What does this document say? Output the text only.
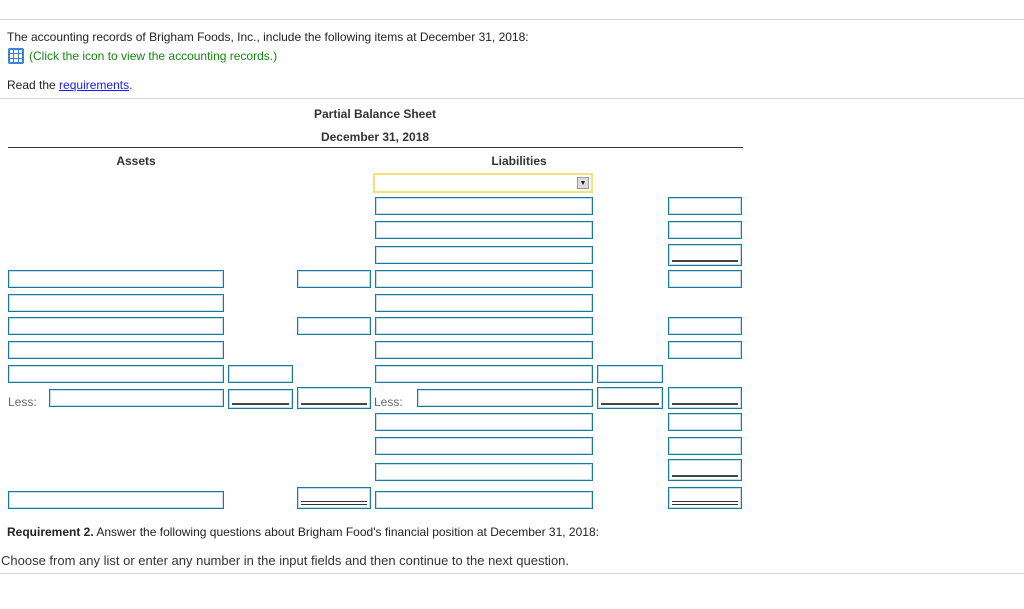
The accounting records of Brigham Foods, Inc., include the following items at December 31, 2018:
(Click the icon to view the accounting records.)
Read the requirements.
Partial Balance Sheet
December 31, 2018
Assets	Liabilities
▼
Less:	Less:
Requirement 2. Answer the following questions about Brigham Food's financial position at December 31, 2018:
Choose from any list or enter any number in the input fields and then continue to the next question.
